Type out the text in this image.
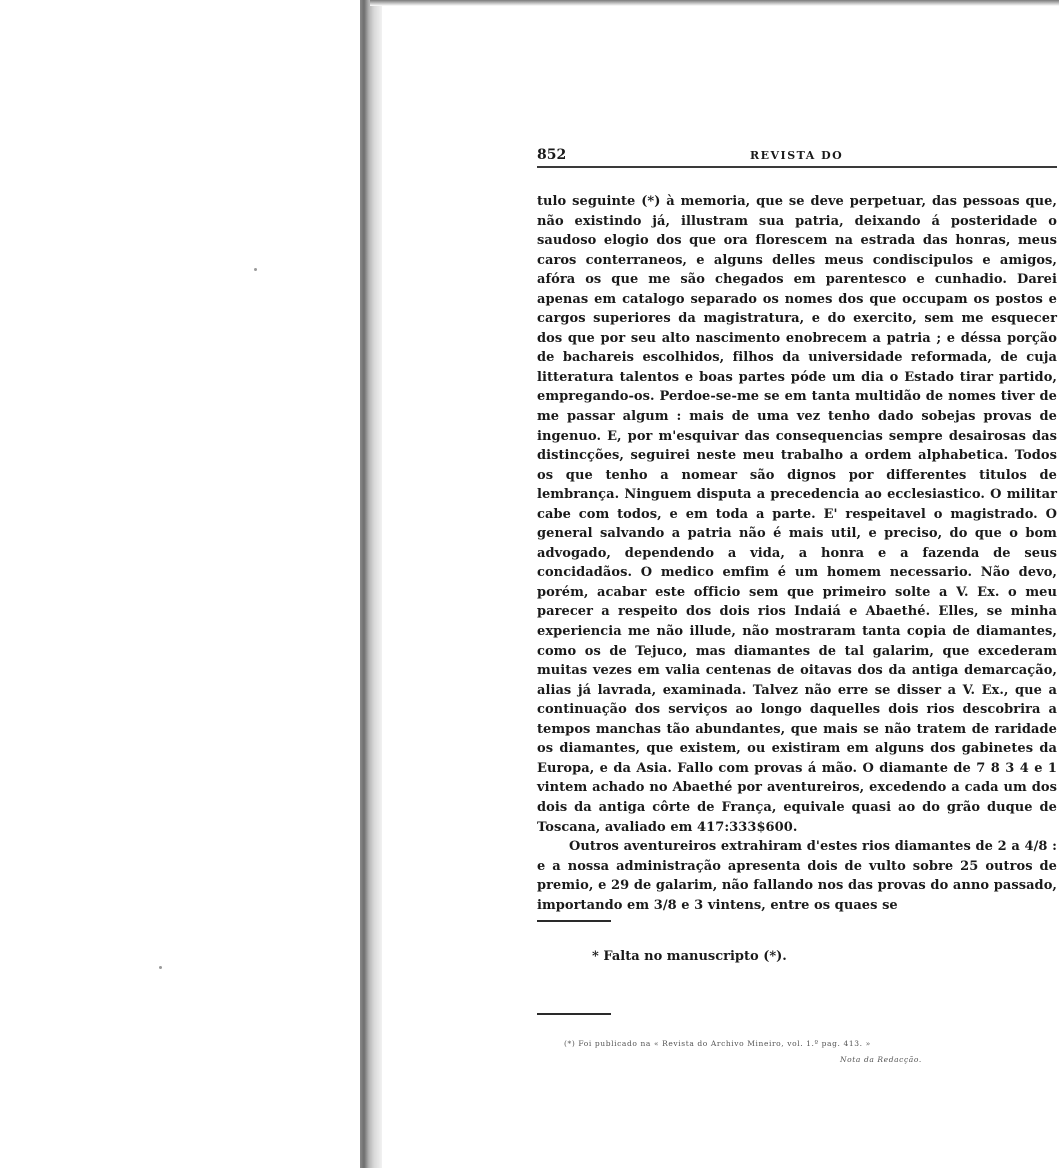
852	REVISTA DO

tulo seguinte (*) à memoria, que se deve perpetuar, das pessoas que, não existindo já, illustram sua patria, deixando á posteridade o saudoso elogio dos que ora florescem na estrada das honras, meus caros conterraneos, e alguns delles meus condiscipulos e amigos, afóra os que me são chegados em parentesco e cunhadio. Darei apenas em catalogo separado os nomes dos que occupam os postos e cargos superiores da magistratura, e do exercito, sem me esquecer dos que por seu alto nascimento enobrecem a patria ; e déssa porção de bachareis escolhidos, filhos da universidade reformada, de cuja litteratura talentos e boas partes póde um dia o Estado tirar partido, empregando-os. Perdoe-se-me se em tanta multidão de nomes tiver de me passar algum : mais de uma vez tenho dado sobejas provas de ingenuo. E, por m'esquivar das consequencias sempre desairosas das distincções, seguirei neste meu trabalho a ordem alphabetica. Todos os que tenho a nomear são dignos por differentes titulos de lembrança. Ninguem disputa a precedencia ao ecclesiastico. O militar cabe com todos, e em toda a parte. E' respeitavel o magistrado. O general salvando a patria não é mais util, e preciso, do que o bom advogado, dependendo a vida, a honra e a fazenda de seus concidadãos. O medico emfim é um homem necessario. Não devo, porém, acabar este officio sem que primeiro solte a V. Ex. o meu parecer a respeito dos dois rios Indaiá e Abaethé. Elles, se minha experiencia me não illude, não mostraram tanta copia de diamantes, como os de Tejuco, mas diamantes de tal galarim, que excederam muitas vezes em valia centenas de oitavas dos da antiga demarcação, alias já lavrada, examinada. Talvez não erre se disser a V. Ex., que a continuação dos serviços ao longo daquelles dois rios descobrira a tempos manchas tão abundantes, que mais se não tratem de raridade os diamantes, que existem, ou existiram em alguns dos gabinetes da Europa, e da Asia. Fallo com provas á mão. O diamante de 7 8 3 4 e 1 vintem achado no Abaethé por aventureiros, excedendo a cada um dos dois da antiga côrte de França, equivale quasi ao do grão duque de Toscana, avaliado em 417:333$600.

Outros aventureiros extrahiram d'estes rios diamantes de 2 a 4/8 : e a nossa administração apresenta dois de vulto sobre 25 outros de premio, e 29 de galarim, não fallando nos das provas do anno passado, importando em 3/8 e 3 vintens, entre os quaes se

* Falta no manuscripto (*).
(*) Foi publicado na « Revista do Archivo Mineiro, vol. 1.º pag. 413. »
Nota da Redacção.
